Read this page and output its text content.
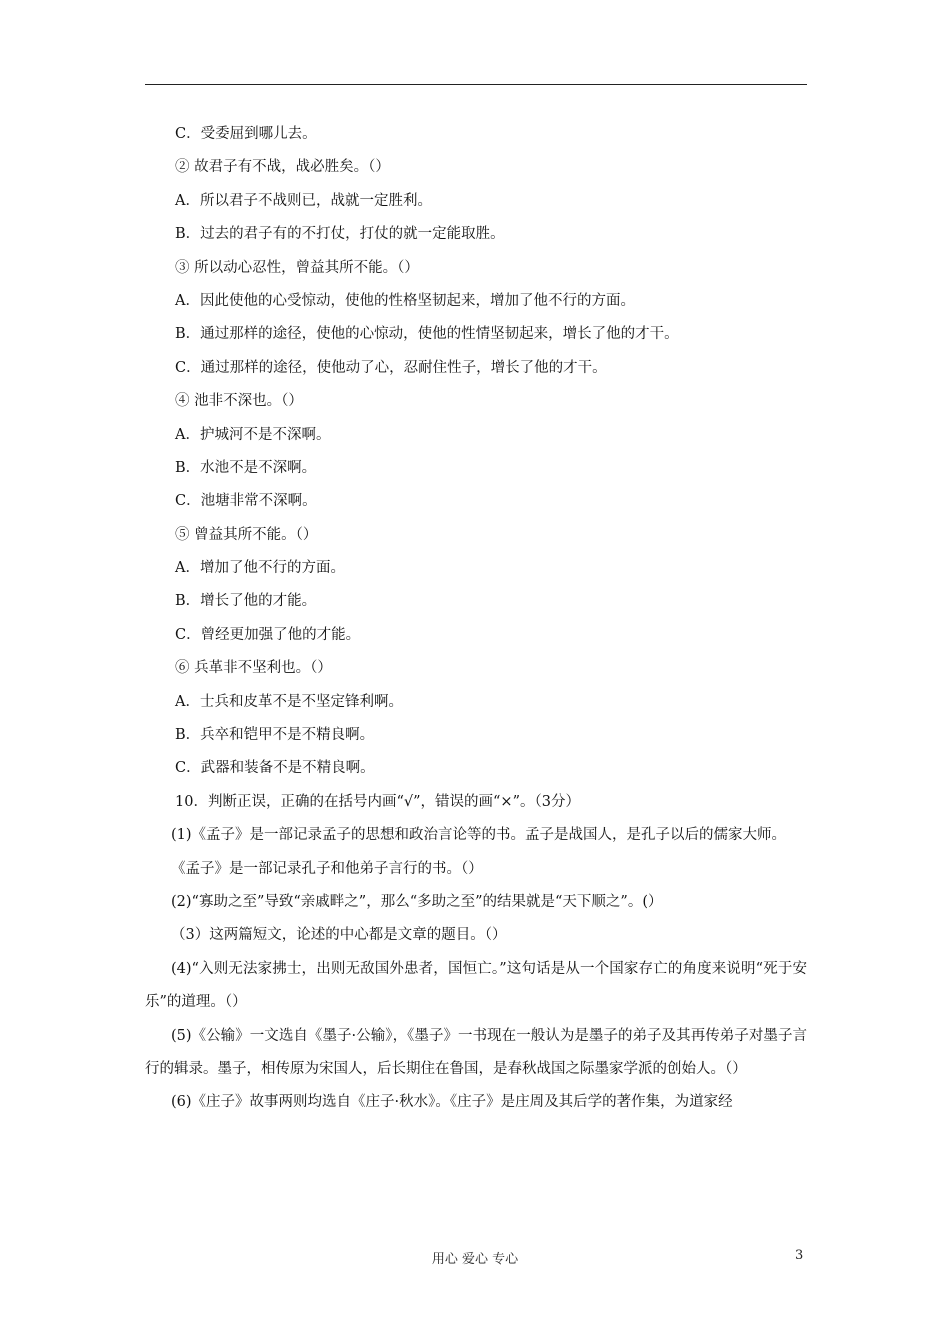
C．受委屈到哪儿去。
② 故君子有不战，战必胜矣。（）
A．所以君子不战则已，战就一定胜利。
B．过去的君子有的不打仗，打仗的就一定能取胜。
③ 所以动心忍性，曾益其所不能。（）
A．因此使他的心受惊动，使他的性格坚韧起来，增加了他不行的方面。
B．通过那样的途径，使他的心惊动，使他的性情坚韧起来，增长了他的才干。
C．通过那样的途径，使他动了心，忍耐住性子，增长了他的才干。
④ 池非不深也。（）
A．护城河不是不深啊。
B．水池不是不深啊。
C．池塘非常不深啊。
⑤ 曾益其所不能。（）
A．增加了他不行的方面。
B．增长了他的才能。
C．曾经更加强了他的才能。
⑥ 兵革非不坚利也。（）
A．士兵和皮革不是不坚定锋利啊。
B．兵卒和铠甲不是不精良啊。
C．武器和装备不是不精良啊。
10．判断正误，正确的在括号内画“√”，错误的画“×”。（3分）
(1)《孟子》是一部记录孟子的思想和政治言论等的书。孟子是战国人，是孔子以后的儒家大师。
《孟子》是一部记录孔子和他弟子言行的书。（）
(2)“寡助之至”导致“亲戚畔之”，那么“多助之至”的结果就是“天下顺之”。(）
（3）这两篇短文，论述的中心都是文章的题目。（）
(4)“入则无法家拂士，出则无敌国外患者，国恒亡。”这句话是从一个国家存亡的角度来说明“死于安乐”的道理。（）
(5)《公输》一文选自《墨子·公输》，《墨子》一书现在一般认为是墨子的弟子及其再传弟子对墨子言行的辑录。墨子，相传原为宋国人，后长期住在鲁国，是春秋战国之际墨家学派的创始人。（）
(6)《庄子》故事两则均选自《庄子·秋水》。《庄子》是庄周及其后学的著作集，为道家经
用心 爱心 专心	3
